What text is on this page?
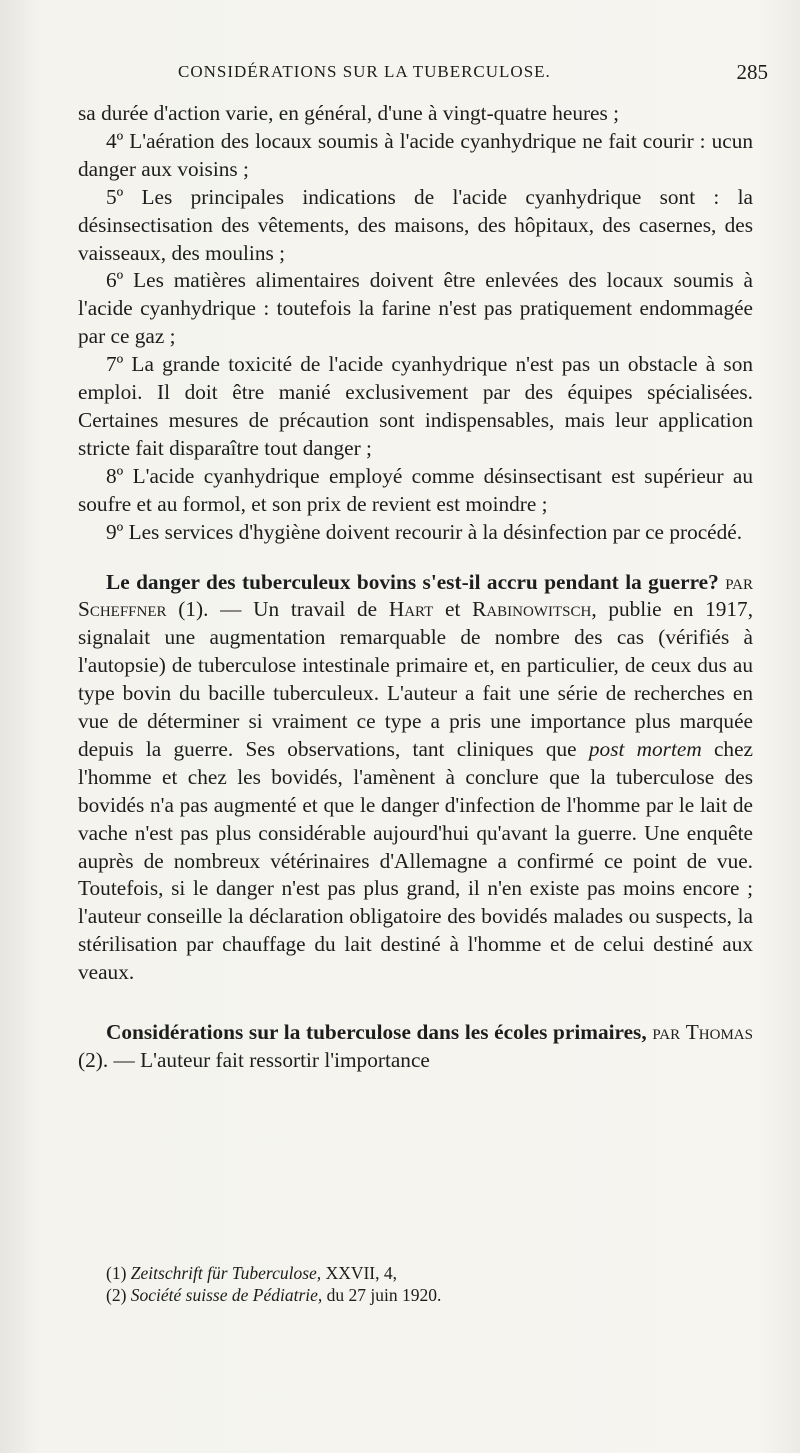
CONSIDÉRATIONS SUR LA TUBERCULOSE.	285

sa durée d'action varie, en général, d'une à vingt-quatre heures ;

4º L'aération des locaux soumis à l'acide cyanhydrique ne fait courir : ucun danger aux voisins ;

5º Les principales indications de l'acide cyanhydrique sont : la désinsectisation des vêtements, des maisons, des hôpitaux, des casernes, des vaisseaux, des moulins ;

6º Les matières alimentaires doivent être enlevées des locaux soumis à l'acide cyanhydrique : toutefois la farine n'est pas pratiquement endommagée par ce gaz ;

7º La grande toxicité de l'acide cyanhydrique n'est pas un obstacle à son emploi. Il doit être manié exclusivement par des équipes spécialisées. Certaines mesures de précaution sont indispensables, mais leur application stricte fait disparaître tout danger ;

8º L'acide cyanhydrique employé comme désinsectisant est supérieur au soufre et au formol, et son prix de revient est moindre ;

9º Les services d'hygiène doivent recourir à la désinfection par ce procédé.

Le danger des tuberculeux bovins s'est-il accru pendant la guerre? par Scheffner (1). — Un travail de Hart et Rabinowitsch, publie en 1917, signalait une augmentation remarquable de nombre des cas (vérifiés à l'autopsie) de tuberculose intestinale primaire et, en particulier, de ceux dus au type bovin du bacille tuberculeux. L'auteur a fait une série de recherches en vue de déterminer si vraiment ce type a pris une importance plus marquée depuis la guerre. Ses observations, tant cliniques que post mortem chez l'homme et chez les bovidés, l'amènent à conclure que la tuberculose des bovidés n'a pas augmenté et que le danger d'infection de l'homme par le lait de vache n'est pas plus considérable aujourd'hui qu'avant la guerre. Une enquête auprès de nombreux vétérinaires d'Allemagne a confirmé ce point de vue. Toutefois, si le danger n'est pas plus grand, il n'en existe pas moins encore ; l'auteur conseille la déclaration obligatoire des bovidés malades ou suspects, la stérilisation par chauffage du lait destiné à l'homme et de celui destiné aux veaux.

Considérations sur la tuberculose dans les écoles primaires, par Thomas (2). — L'auteur fait ressortir l'importance

(1) Zeitschrift für Tuberculose, XXVII, 4,

(2) Société suisse de Pédiatrie, du 27 juin 1920.
